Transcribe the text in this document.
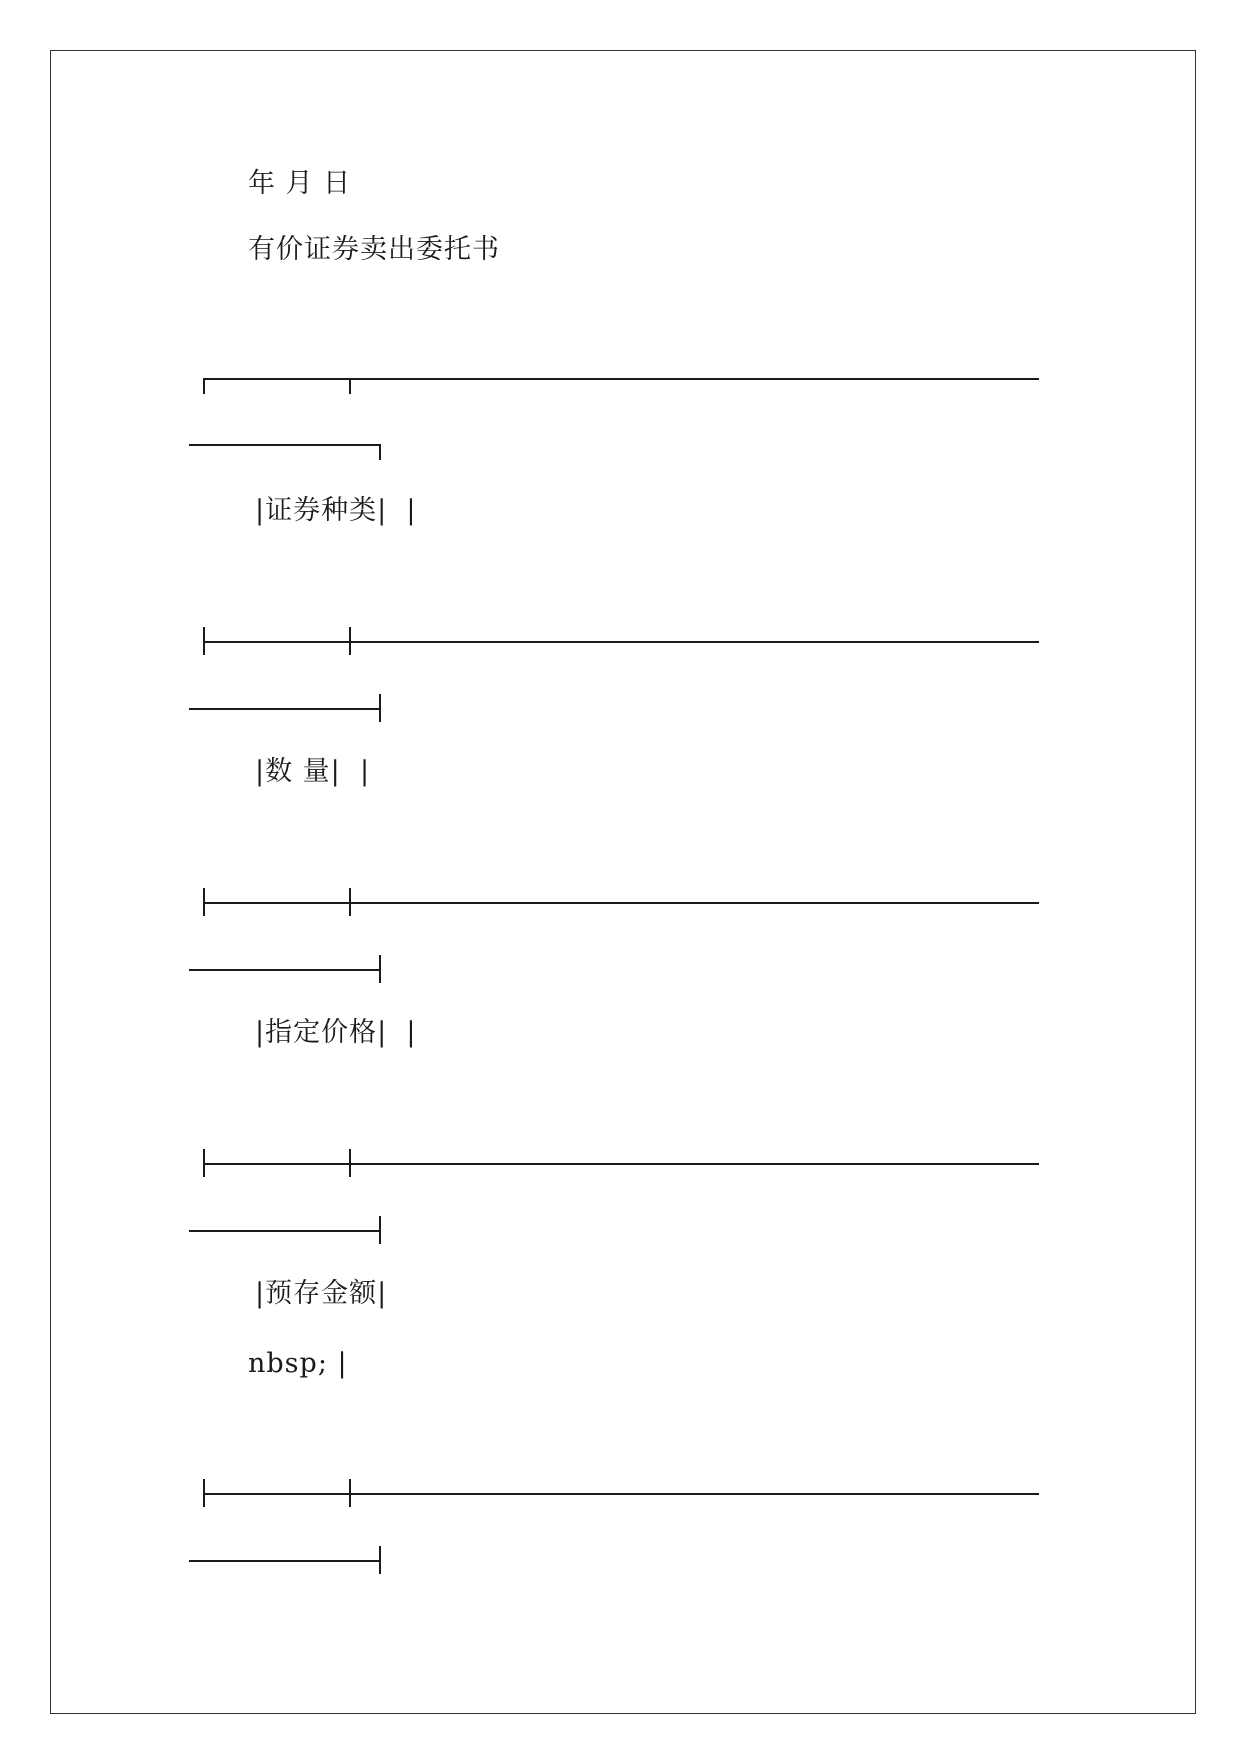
年 月 日
有价证券卖出委托书
|证券种类|  |
|数 量|  |
|指定价格|  |
|预存金额|
nbsp; |
